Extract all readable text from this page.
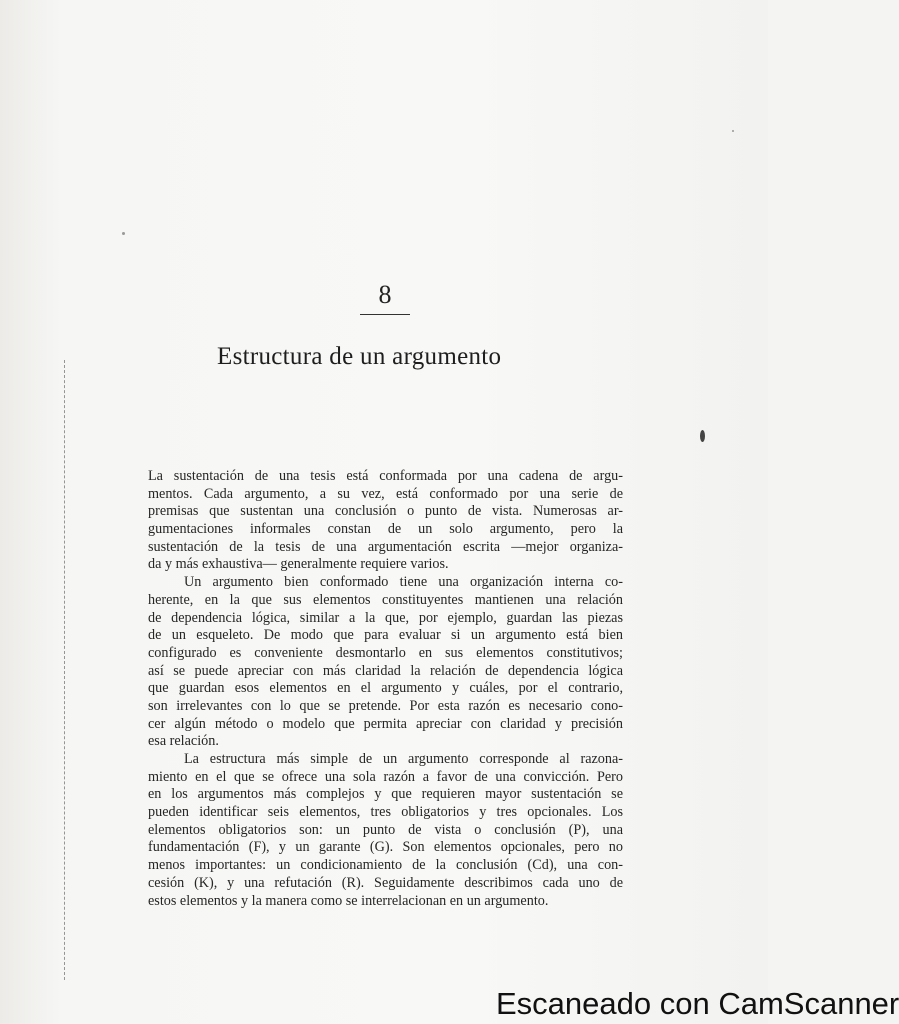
8
Estructura de un argumento
La sustentación de una tesis está conformada por una cadena de argu-
mentos. Cada argumento, a su vez, está conformado por una serie de
premisas que sustentan una conclusión o punto de vista. Numerosas ar-
gumentaciones informales constan de un solo argumento, pero la
sustentación de la tesis de una argumentación escrita —mejor organiza-
da y más exhaustiva— generalmente requiere varios.
Un argumento bien conformado tiene una organización interna co-
herente, en la que sus elementos constituyentes mantienen una relación
de dependencia lógica, similar a la que, por ejemplo, guardan las piezas
de un esqueleto. De modo que para evaluar si un argumento está bien
configurado es conveniente desmontarlo en sus elementos constitutivos;
así se puede apreciar con más claridad la relación de dependencia lógica
que guardan esos elementos en el argumento y cuáles, por el contrario,
son irrelevantes con lo que se pretende. Por esta razón es necesario cono-
cer algún método o modelo que permita apreciar con claridad y precisión
esa relación.
La estructura más simple de un argumento corresponde al razona-
miento en el que se ofrece una sola razón a favor de una convicción. Pero
en los argumentos más complejos y que requieren mayor sustentación se
pueden identificar seis elementos, tres obligatorios y tres opcionales. Los
elementos obligatorios son: un punto de vista o conclusión (P), una
fundamentación (F), y un garante (G). Son elementos opcionales, pero no
menos importantes: un condicionamiento de la conclusión (Cd), una con-
cesión (K), y una refutación (R). Seguidamente describimos cada uno de
estos elementos y la manera como se interrelacionan en un argumento.
Escaneado con CamScanner
